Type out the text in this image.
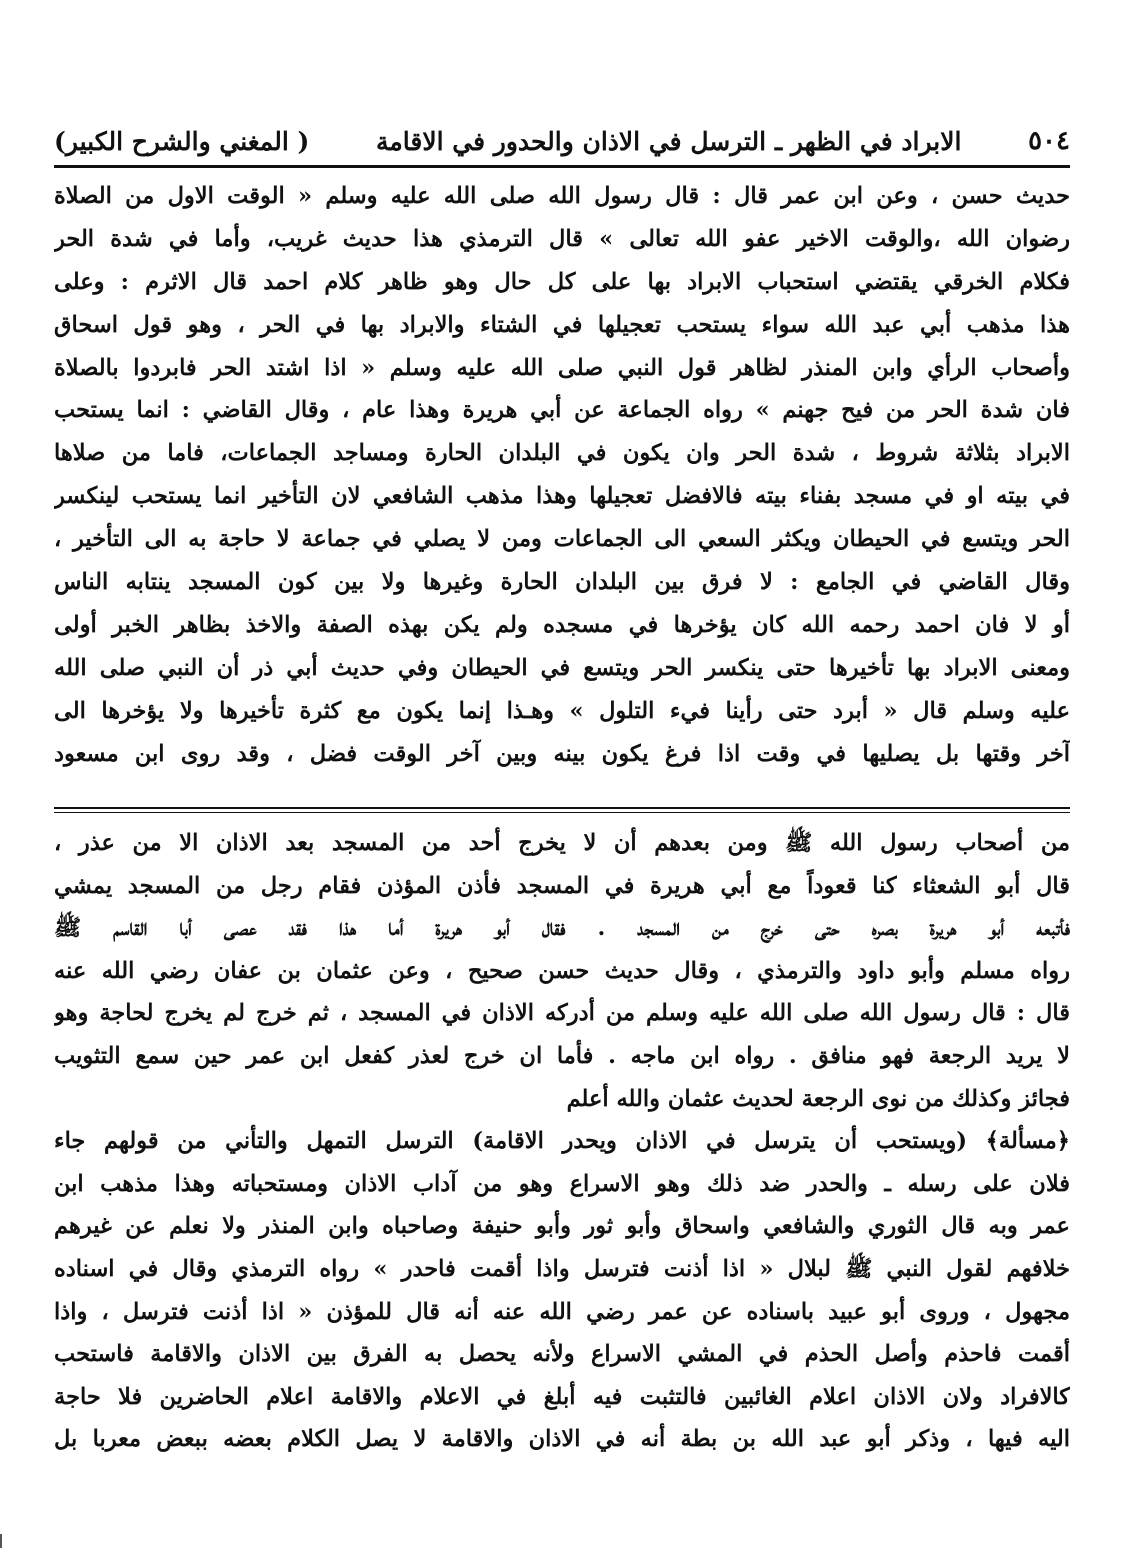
٥٠٤
الابراد في الظهر ـ الترسل في الاذان والحدور في الاقامة
( المغني والشرح الكبير)
حديث حسن ، وعن ابن عمر قال : قال رسول الله صلى الله عليه وسلم « الوقت الاول من الصلاة
رضوان الله ،والوقت الاخير عفو الله تعالى » قال الترمذي هذا حديث غريب، وأما في شدة الحر
فكلام الخرقي يقتضي استحباب الابراد بها على كل حال وهو ظاهر كلام احمد قال الاثرم : وعلى
هذا مذهب أبي عبد الله سواء يستحب تعجيلها في الشتاء والابراد بها في الحر ، وهو قول اسحاق
وأصحاب الرأي وابن المنذر لظاهر قول النبي صلى الله عليه وسلم « اذا اشتد الحر فابردوا بالصلاة
فان شدة الحر من فيح جهنم » رواه الجماعة عن أبي هريرة وهذا عام ، وقال القاضي : انما يستحب
الابراد بثلاثة شروط ، شدة الحر وان يكون في البلدان الحارة ومساجد الجماعات، فاما من صلاها
في بيته او في مسجد بفناء بيته فالافضل تعجيلها وهذا مذهب الشافعي لان التأخير انما يستحب لينكسر
الحر ويتسع في الحيطان ويكثر السعي الى الجماعات ومن لا يصلي في جماعة لا حاجة به الى التأخير ،
وقال القاضي في الجامع : لا فرق بين البلدان الحارة وغيرها ولا بين كون المسجد ينتابه الناس
أو لا فان احمد رحمه الله كان يؤخرها في مسجده ولم يكن بهذه الصفة والاخذ بظاهر الخبر أولى
ومعنى الابراد بها تأخيرها حتى ينكسر الحر ويتسع في الحيطان وفي حديث أبي ذر أن النبي صلى الله
عليه وسلم قال « أبرد حتى رأينا فيء التلول » وهـذا إنما يكون مع كثرة تأخيرها ولا يؤخرها الى
آخر وقتها بل يصليها في وقت اذا فرغ يكون بينه وبين آخر الوقت فضل ، وقد روى ابن مسعود
من أصحاب رسول الله ﷺ ومن بعدهم أن لا يخرج أحد من المسجد بعد الاذان الا من عذر ،
قال أبو الشعثاء كنا قعوداً مع أبي هريرة في المسجد فأذن المؤذن فقام رجل من المسجد يمشي
فأتبعه أبو هريرة بصره حتى خرج من المسجد . فقال أبو هريرة أما هذا فقد عصى أبا القاسم ﷺ
رواه مسلم وأبو داود والترمذي ، وقال حديث حسن صحيح ، وعن عثمان بن عفان رضي الله عنه
قال : قال رسول الله صلى الله عليه وسلم من أدركه الاذان في المسجد ، ثم خرج لم يخرج لحاجة وهو
لا يريد الرجعة فهو منافق . رواه ابن ماجه . فأما ان خرج لعذر كفعل ابن عمر حين سمع التثويب
فجائز وكذلك من نوى الرجعة لحديث عثمان والله أعلم
﴿مسألة﴾ (ويستحب أن يترسل في الاذان ويحدر الاقامة) الترسل التمهل والتأني من قولهم جاء
فلان على رسله ـ والحدر ضد ذلك وهو الاسراع وهو من آداب الاذان ومستحباته وهذا مذهب ابن
عمر وبه قال الثوري والشافعي واسحاق وأبو ثور وأبو حنيفة وصاحباه وابن المنذر ولا نعلم عن غيرهم
خلافهم لقول النبي ﷺ لبلال « اذا أذنت فترسل واذا أقمت فاحدر » رواه الترمذي وقال في اسناده
مجهول ، وروى أبو عبيد باسناده عن عمر رضي الله عنه أنه قال للمؤذن « اذا أذنت فترسل ، واذا
أقمت فاحذم وأصل الحذم في المشي الاسراع ولأنه يحصل به الفرق بين الاذان والاقامة فاستحب
كالافراد ولان الاذان اعلام الغائبين فالتثبت فيه أبلغ في الاعلام والاقامة اعلام الحاضرين فلا حاجة
اليه فيها ، وذكر أبو عبد الله بن بطة أنه في الاذان والاقامة لا يصل الكلام بعضه ببعض معربا بل
